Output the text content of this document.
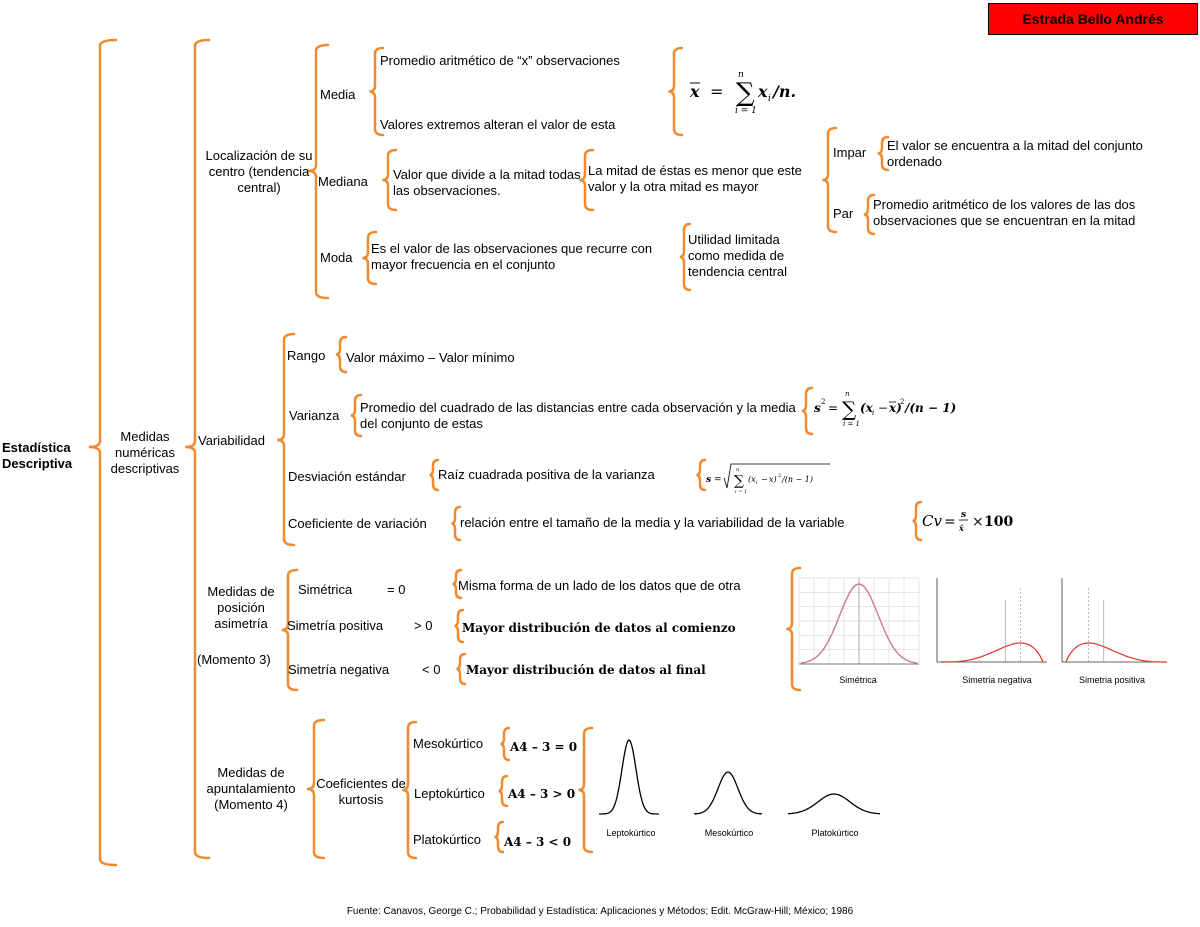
Estrada Bello Andrés
Estadística Descriptiva
Medidas numéricas descriptivas
Localización de su centro (tendencia central)
Media
Promedio aritmético de “x” observaciones
Valores extremos alteran el valor de esta
x = ∑
n
i = 1
x i /n.
Mediana Valor que divide a la mitad todas las observaciones.
La mitad de éstas es menor que este valor y la otra mitad es mayor
Impar El valor se encuentra a la mitad del conjunto ordenado
Par
Promedio aritmético de los valores de las dos observaciones que se encuentran en la mitad
Moda
Es el valor de las observaciones que recurre con mayor frecuencia en el conjunto
Utilidad limitada como medida de tendencia central
Variabilidad
Rango Valor máximo – Valor mínimo
Varianza
Promedio del cuadrado de las distancias entre cada observación y la media del conjunto de estas
s 2 = ∑
n
i = 1
(x i − x)
2 /(n − 1)
Desviación estándar Raíz cuadrada positiva de la varianza	s = ∑
n
i = 1
(x i − x) 2 /(n − 1)
Coeficiente de variación	relación entre el tamaño de la media y la variabilidad de la variable	Cv = s
x̄ × 100
Medidas de posición asimetría
(Momento 3)
Simétrica	= 0	Misma forma de un lado de los datos que de otra
Simetría positiva > 0 Mayor distribución de datos al comienzo
Simetría negativa	< 0 Mayor distribución de datos al final
Simétrica	Simetria negativa	Simetria positiva
Medidas de apuntalamiento (Momento 4)
Coeficientes de kurtosis
Mesokúrtico A4 – 3 = 0
Leptokúrtico A4 – 3 > 0
Platokúrtico A4 – 3 < 0
Leptokúrtico	Mesokúrtico	Platokúrtico
Fuente: Canavos, George C.; Probabilidad y Estadística: Aplicaciones y Métodos; Edit. McGraw-Hill; México; 1986
